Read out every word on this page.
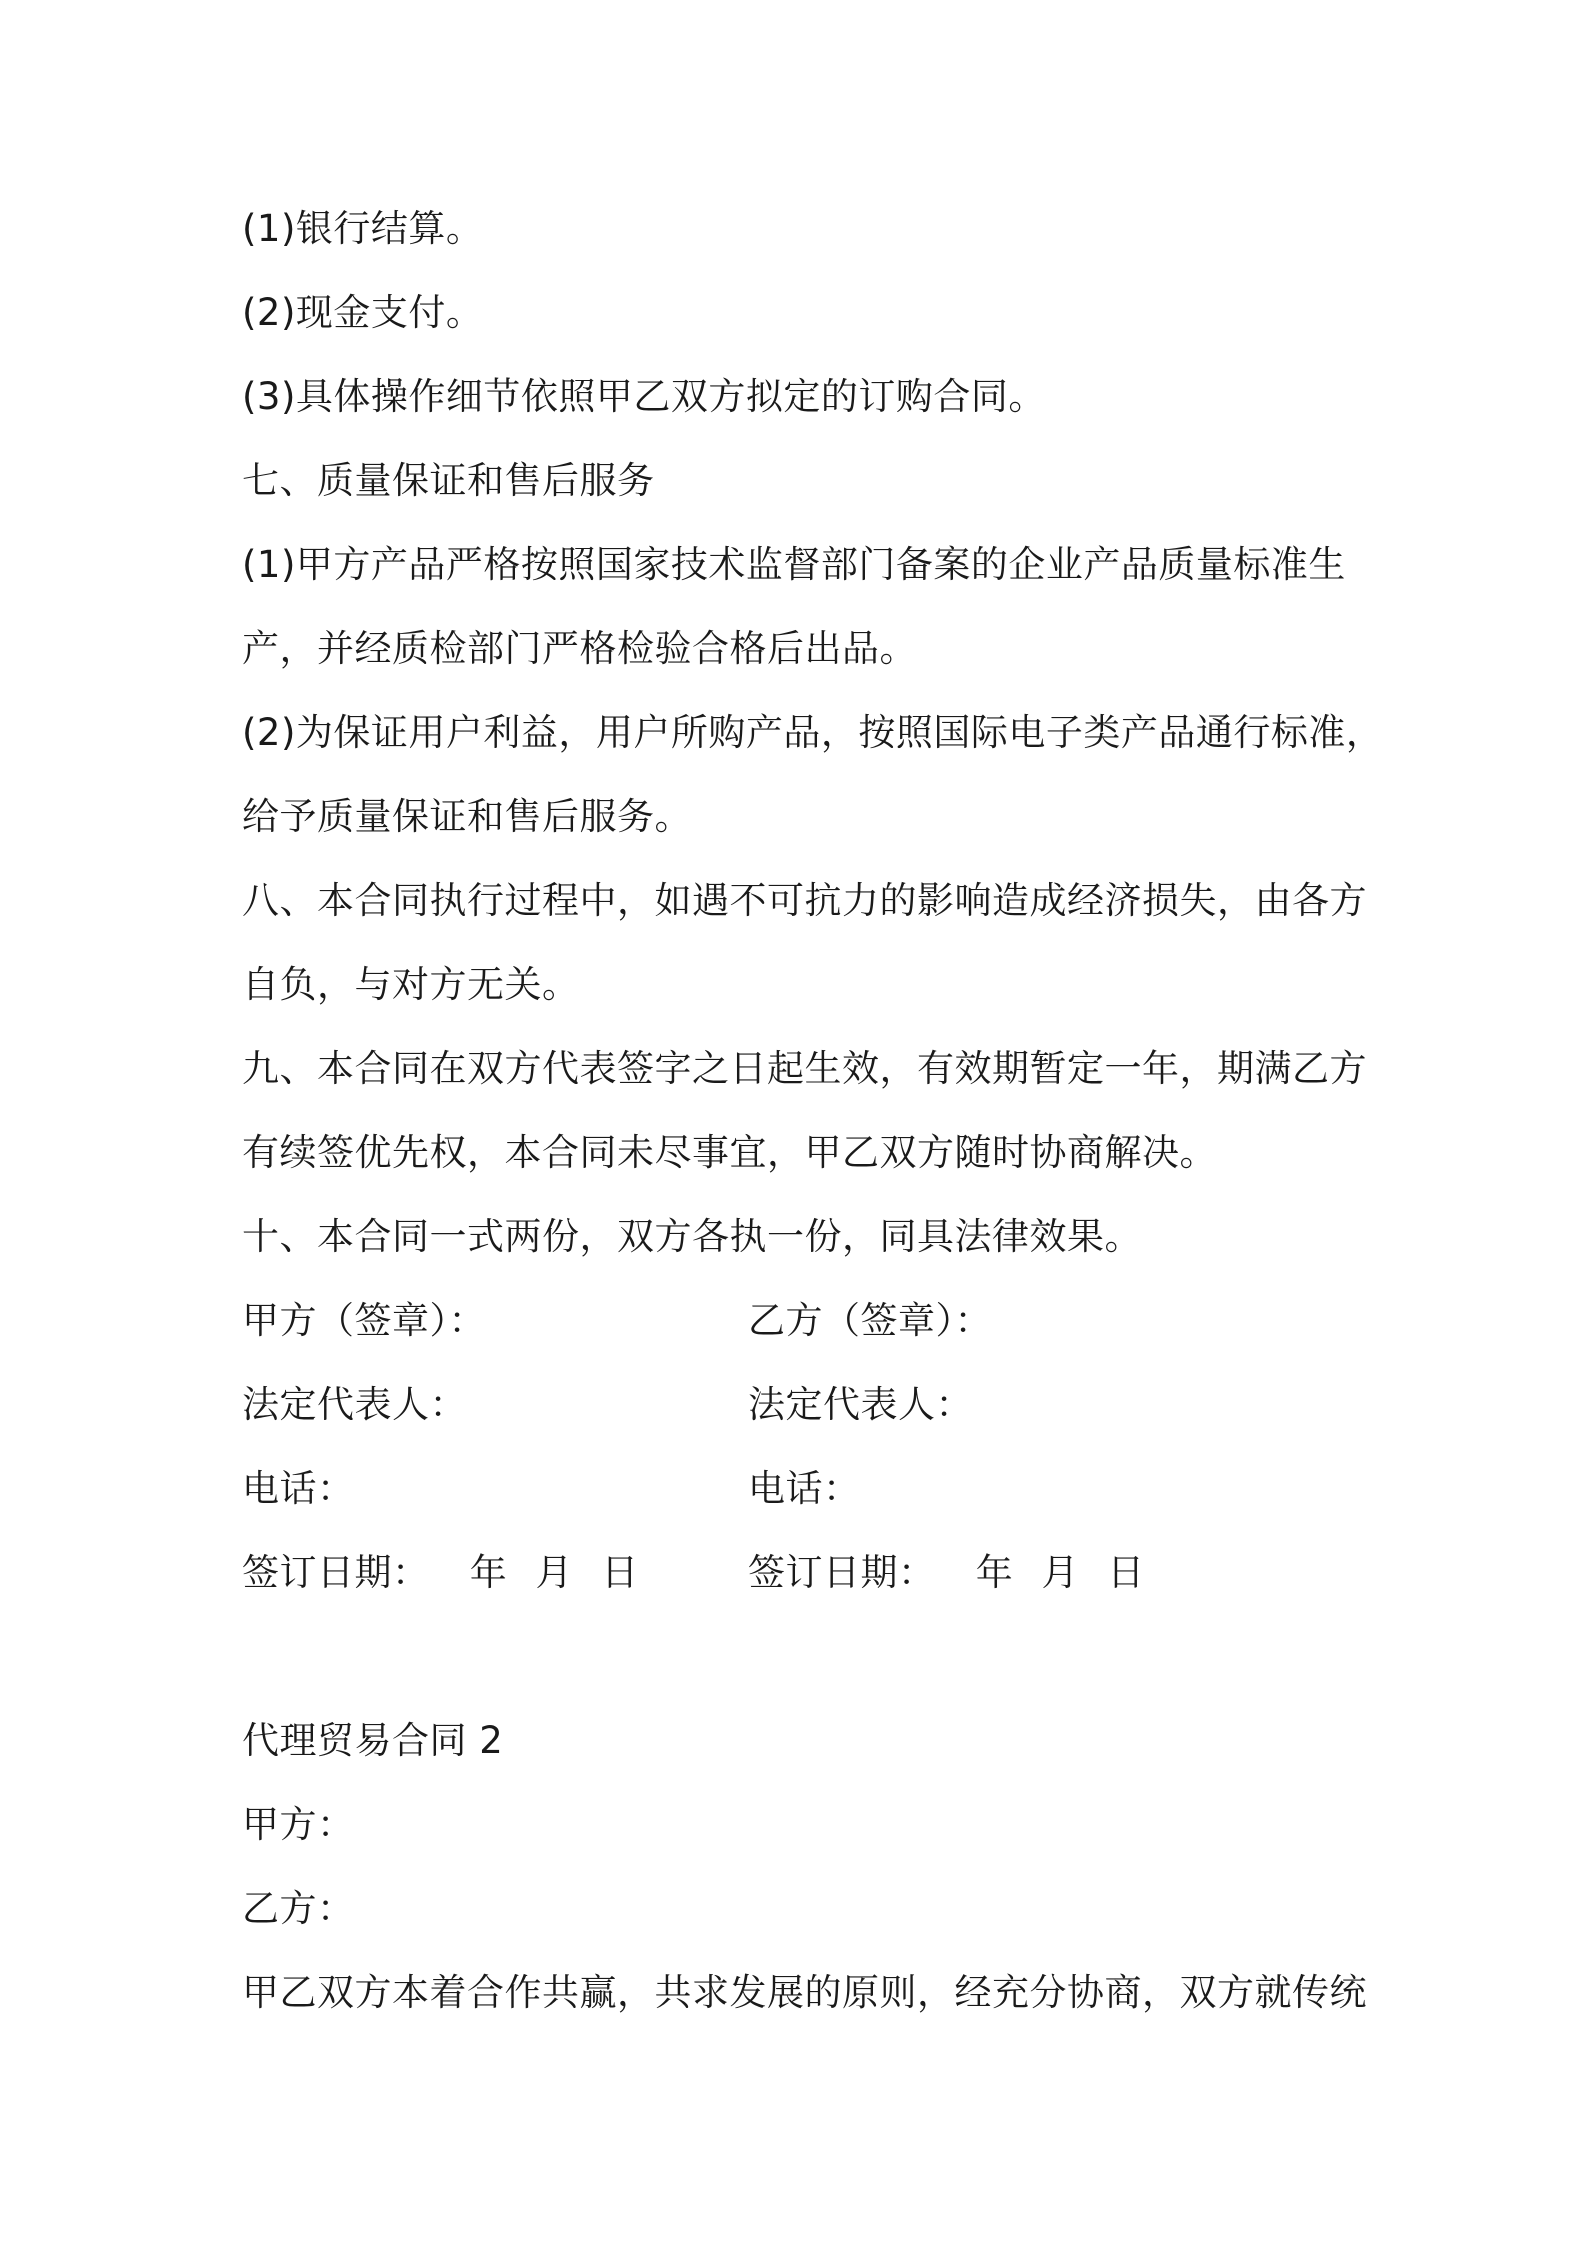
(1)银行结算。
(2)现金支付。
(3)具体操作细节依照甲乙双方拟定的订购合同。
七、质量保证和售后服务
(1)甲方产品严格按照国家技术监督部门备案的企业产品质量标准生
产，并经质检部门严格检验合格后出品。
(2)为保证用户利益，用户所购产品，按照国际电子类产品通行标准，
给予质量保证和售后服务。
八、本合同执行过程中，如遇不可抗力的影响造成经济损失，由各方
自负，与对方无关。
九、本合同在双方代表签字之日起生效，有效期暂定一年，期满乙方
有续签优先权，本合同未尽事宜，甲乙双方随时协商解决。
十、本合同一式两份，双方各执一份，同具法律效果。
甲方（签章）：
法定代表人：
电话：
签订日期： 年 月 日
乙方（签章）：
法定代表人：
电话：
签订日期： 年 月 日
代理贸易合同 2
甲方：
乙方：
甲乙双方本着合作共赢，共求发展的原则，经充分协商，双方就传统
